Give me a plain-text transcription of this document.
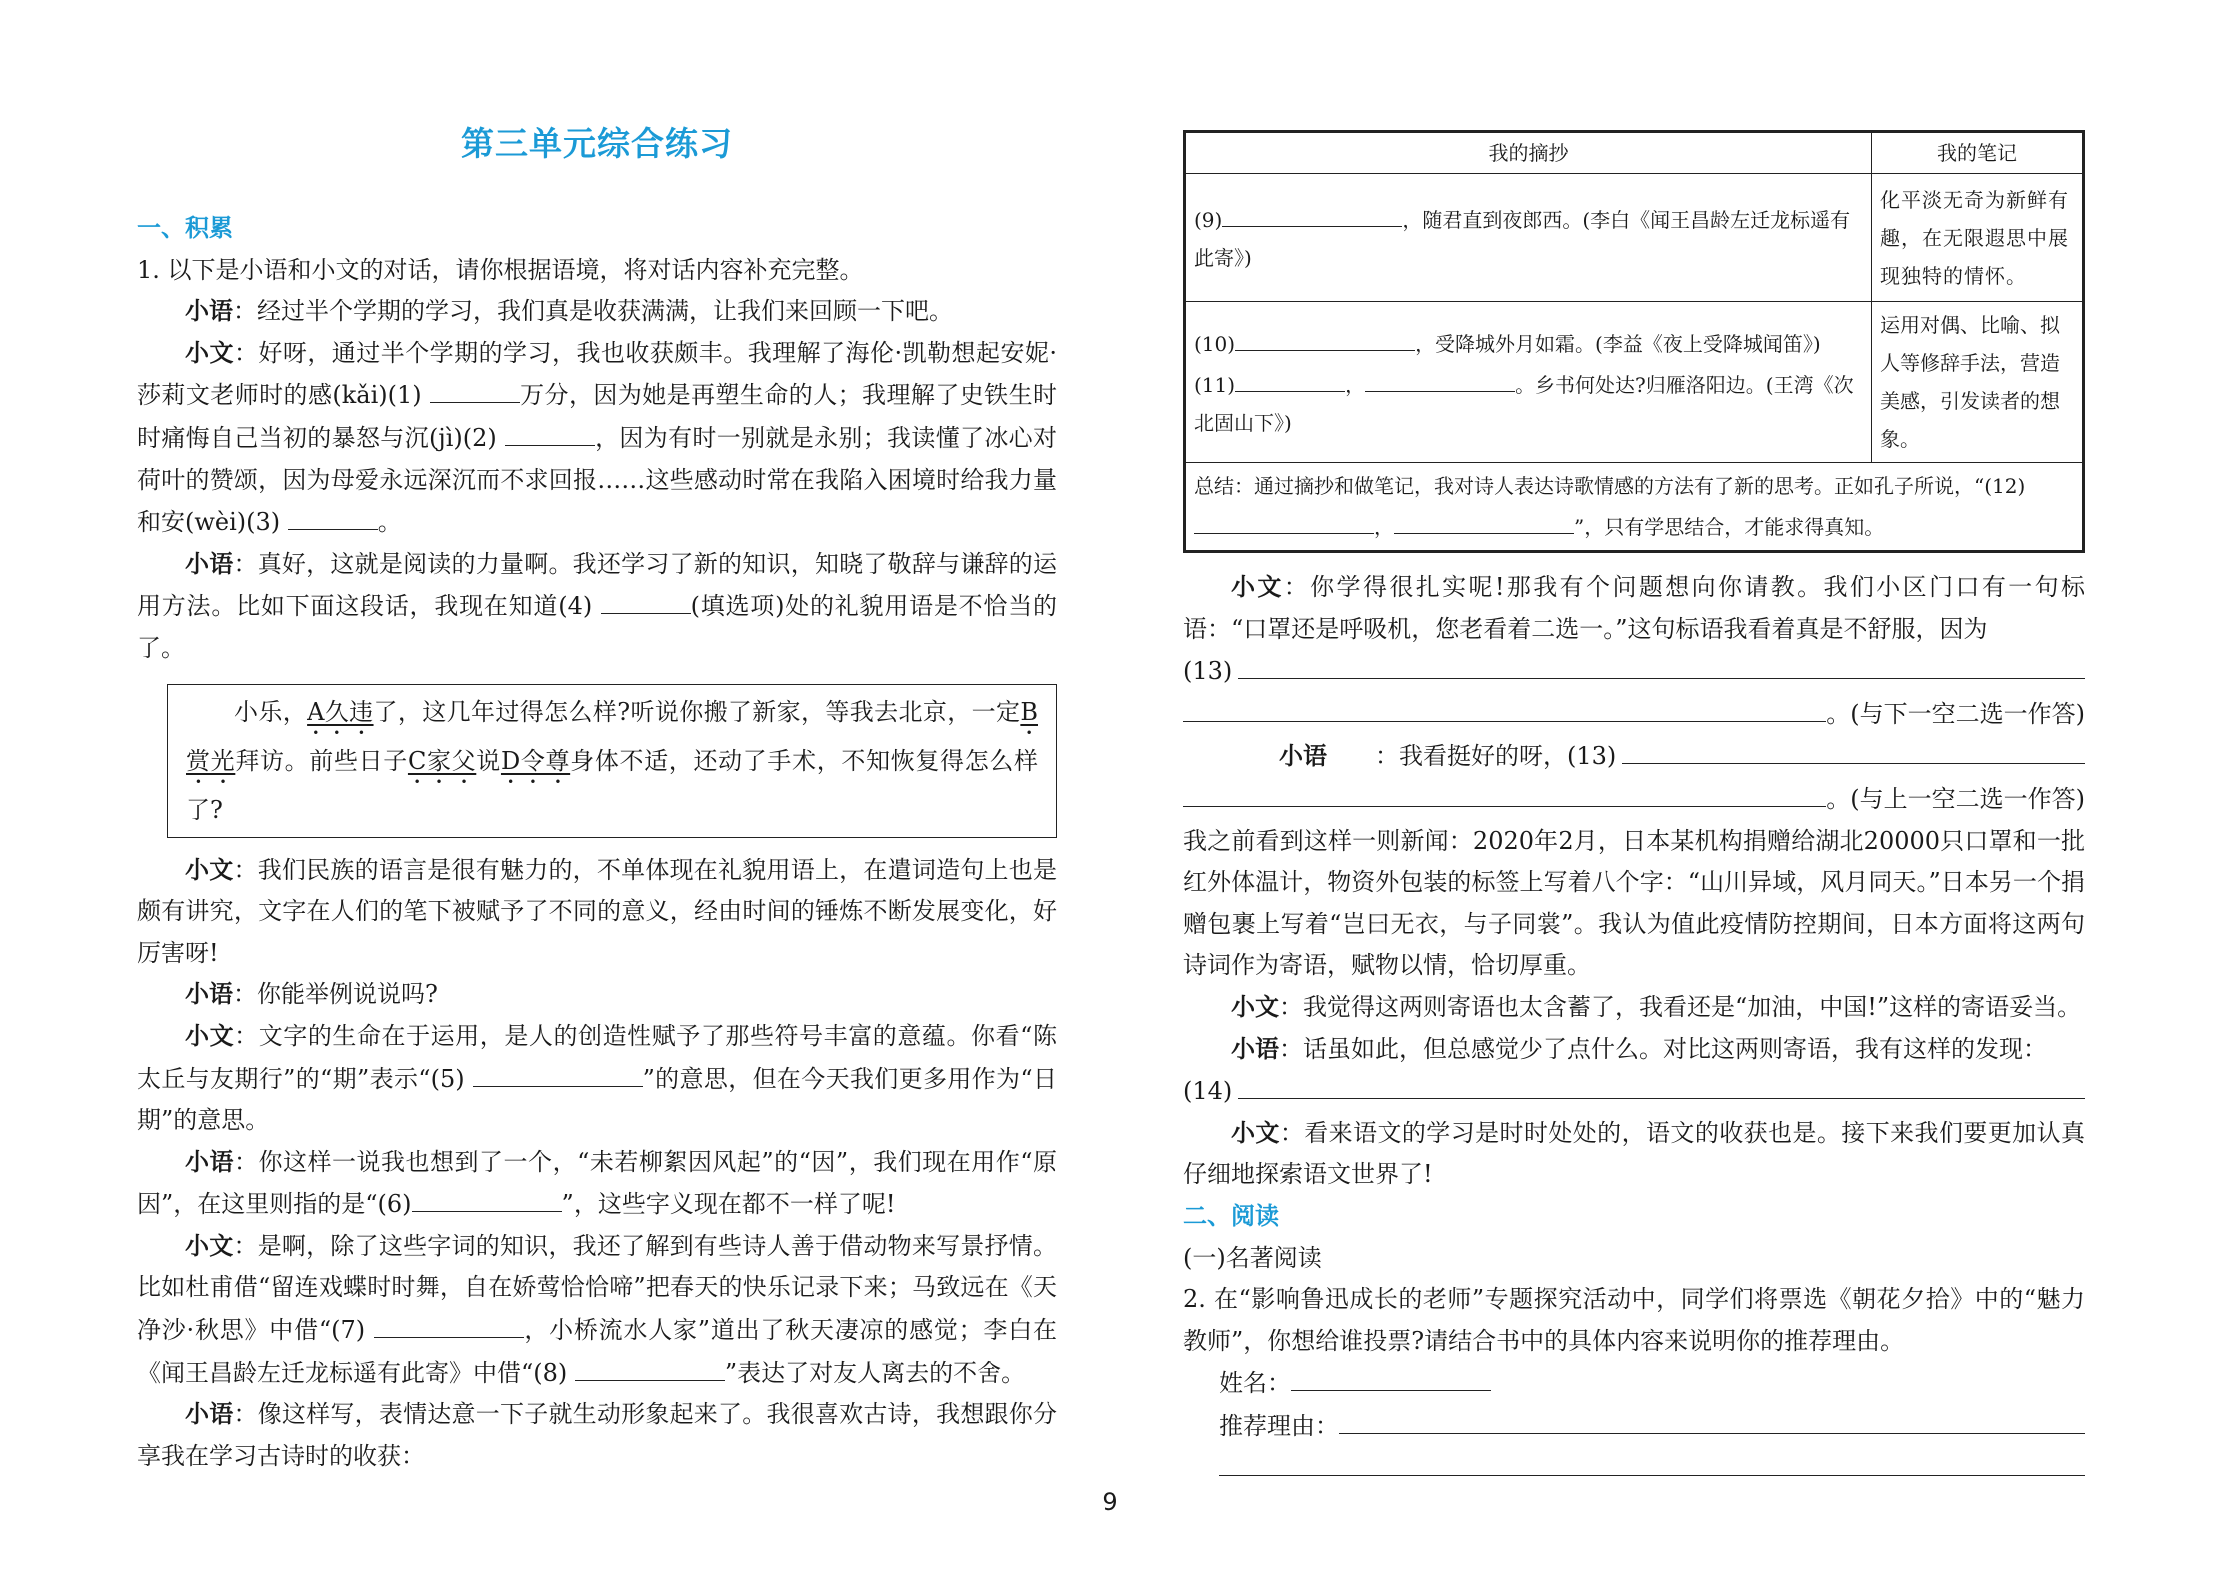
第三单元综合练习
一、积累

1. 以下是小语和小文的对话，请你根据语境，将对话内容补充完整。

小语：经过半个学期的学习，我们真是收获满满，让我们来回顾一下吧。

小文：好呀，通过半个学期的学习，我也收获颇丰。我理解了海伦·凯勒想起安妮·莎莉文老师时的感(kǎi)(1)	万分，因为她是再塑生命的人；我理解了史铁生时时痛悔自己当初的暴怒与沉(jì)(2)	，因为有时一别就是永别；我读懂了冰心对荷叶的赞颂，因为母爱永远深沉而不求回报……这些感动时常在我陷入困境时给我力量和安(wèi)(3)	。

小语：真好，这就是阅读的力量啊。我还学习了新的知识，知晓了敬辞与谦辞的运用方法。比如下面这段话，我现在知道(4)	(填选项)处的礼貌用语是不恰当的了。

小乐，A久违了，这几年过得怎么样?听说你搬了新家，等我去北京，一定B赏光拜访。前些日子C家父说D令尊身体不适，还动了手术，不知恢复得怎么样了?

小文：我们民族的语言是很有魅力的，不单体现在礼貌用语上，在遣词造句上也是颇有讲究，文字在人们的笔下被赋予了不同的意义，经由时间的锤炼不断发展变化，好厉害呀!

小语：你能举例说说吗?

小文：文字的生命在于运用，是人的创造性赋予了那些符号丰富的意蕴。你看“陈太丘与友期行”的“期”表示“(5)	”的意思，但在今天我们更多用作为“日期”的意思。

小语：你这样一说我也想到了一个，“未若柳絮因风起”的“因”，我们现在用作“原因”，在这里则指的是“(6)	”，这些字义现在都不一样了呢!

小文：是啊，除了这些字词的知识，我还了解到有些诗人善于借动物来写景抒情。比如杜甫借“留连戏蝶时时舞，自在娇莺恰恰啼”把春天的快乐记录下来；马致远在《天净沙·秋思》中借“(7)	，小桥流水人家”道出了秋天凄凉的感觉；李白在《闻王昌龄左迁龙标遥有此寄》中借“(8)	”表达了对友人离去的不舍。

小语：像这样写，表情达意一下子就生动形象起来了。我很喜欢古诗，我想跟你分享我在学习古诗时的收获：

我的摘抄	我的笔记
(9) ，随君直到夜郎西。(李白《闻王昌龄左迁龙标遥有此寄》)	化平淡无奇为新鲜有趣，在无限遐思中展现独特的情怀。
(10) ，受降城外月如霜。(李益《夜上受降城闻笛》)
(11) ， 。乡书何处达?归雁洛阳边。(王湾《次北固山下》)	运用对偶、比喻、拟人等修辞手法，营造美感，引发读者的想象。
总结：通过摘抄和做笔记，我对诗人表达诗歌情感的方法有了新的思考。正如孔子所说，“(12)， ”，只有学思结合，才能求得真知。	

小文：你学得很扎实呢!那我有个问题想向你请教。我们小区门口有一句标语：“口罩还是呼吸机，您老看着二选一。”这句标语我看着真是不舒服，因为

(13)

。(与下一空二选一作答)

小语	：我看挺好的呀，(13)

。(与上一空二选一作答)

我之前看到这样一则新闻：2020年2月，日本某机构捐赠给湖北20000只口罩和一批红外体温计，物资外包装的标签上写着八个字：“山川异域，风月同天。”日本另一个捐赠包裹上写着“岂曰无衣，与子同裳”。我认为值此疫情防控期间，日本方面将这两句诗词作为寄语，赋物以情，恰切厚重。

小文：我觉得这两则寄语也太含蓄了，我看还是“加油，中国!”这样的寄语妥当。

小语：话虽如此，但总感觉少了点什么。对比这两则寄语，我有这样的发现：

(14)

小文：看来语文的学习是时时处处的，语文的收获也是。接下来我们要更加认真仔细地探索语文世界了!

二、阅读

(一)名著阅读

2. 在“影响鲁迅成长的老师”专题探究活动中，同学们将票选《朝花夕拾》中的“魅力教师”，你想给谁投票?请结合书中的具体内容来说明你的推荐理由。

姓名：

推荐理由：

9
